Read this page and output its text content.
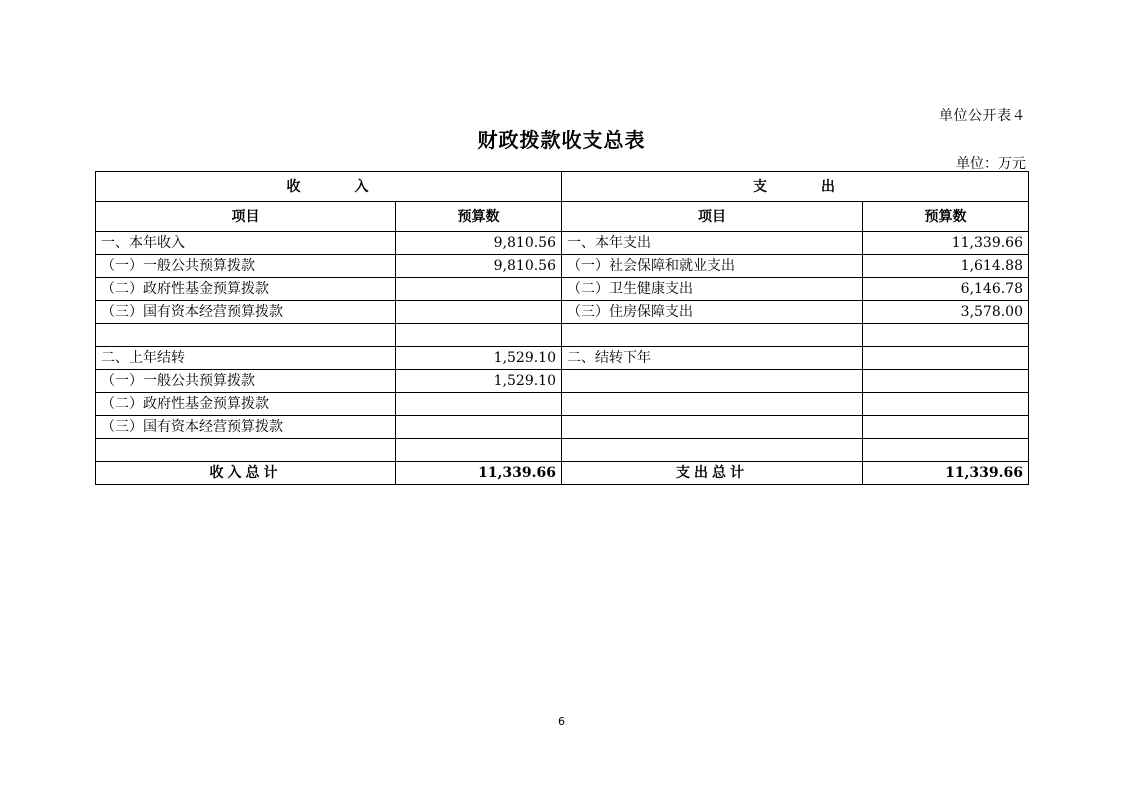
单位公开表４
财政拨款收支总表
单位：万元
收 入		支 出	
项目	预算数	项目	预算数
一、本年收入	9,810.56	一、本年支出	11,339.66
（一）一般公共预算拨款	9,810.56	（一）社会保障和就业支出	1,614.88
（二）政府性基金预算拨款		（二）卫生健康支出	6,146.78
（三）国有资本经营预算拨款		（三）住房保障支出	3,578.00

二、上年结转	1,529.10	二、结转下年	
（一）一般公共预算拨款	1,529.10		
（二）政府性基金预算拨款			
（三）国有资本经营预算拨款			

收入总计	11,339.66	支出总计	11,339.66
6
